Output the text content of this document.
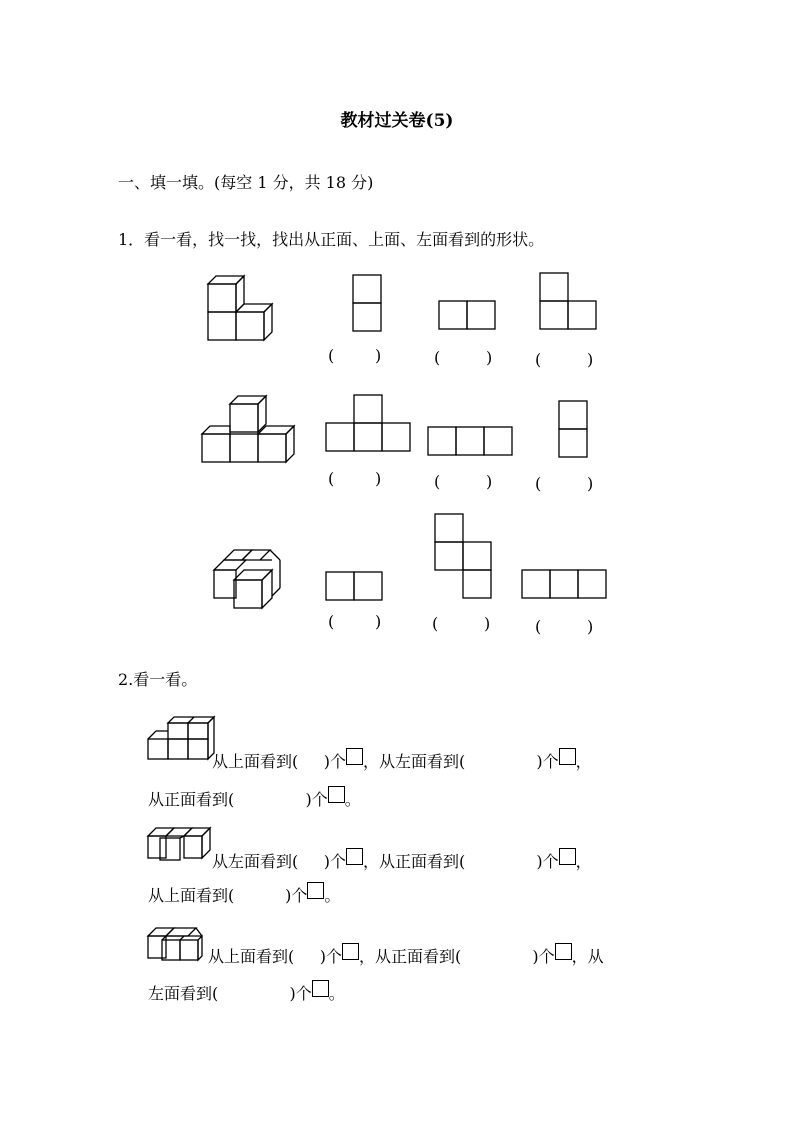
教材过关卷(5)
一、填一填。(每空 1 分，共 18 分)
1．看一看，找一找，找出从正面、上面、左面看到的形状。
(	)	(	)	(	)
(	)	(	)	(	)
(	)	(	)	(	)
2.看一看。
从上面看到( )个 ，从左面看到(	)个 ，
从正面看到(	)个 。
从左面看到( )个 ，从正面看到(	)个 ，
从上面看到(	)个 。
从上面看到( )个 ，从正面看到(	)个 ，从
左面看到(	)个 。
